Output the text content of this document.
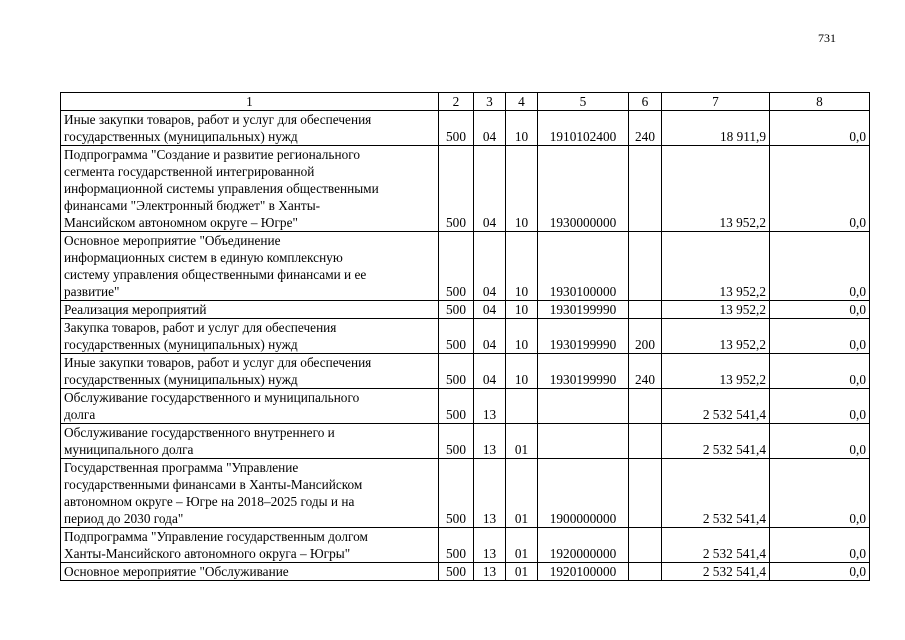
731
1	2	3	4	5	6	7	8

Иные закупки товаров, работ и услуг для обеспечения
государственных (муниципальных) нужд	500	04	10	1910102400	240	18 911,9	0,0

Подпрограмма "Создание и развитие регионального
сегмента государственной интегрированной
информационной системы управления общественными
финансами "Электронный бюджет" в Ханты-
Мансийском автономном округе – Югре"	500	04	10	1930000000		13 952,2	0,0

Основное мероприятие "Объединение
информационных систем в единую комплексную
систему управления общественными финансами и ее
развитие"	500	04	10	1930100000		13 952,2	0,0

Реализация мероприятий	500	04	10	1930199990		13 952,2	0,0

Закупка товаров, работ и услуг для обеспечения
государственных (муниципальных) нужд	500	04	10	1930199990	200	13 952,2	0,0

Иные закупки товаров, работ и услуг для обеспечения
государственных (муниципальных) нужд	500	04	10	1930199990	240	13 952,2	0,0

Обслуживание государственного и муниципального
долга	500	13				2 532 541,4	0,0

Обслуживание государственного внутреннего и
муниципального долга	500	13	01			2 532 541,4	0,0

Государственная программа "Управление
государственными финансами в Ханты-Мансийском
автономном округе – Югре на 2018–2025 годы и на
период до 2030 года"	500	13	01	1900000000		2 532 541,4	0,0

Подпрограмма "Управление государственным долгом
Ханты-Мансийского автономного округа – Югры"	500	13	01	1920000000		2 532 541,4	0,0

Основное мероприятие "Обслуживание	500	13	01	1920100000		2 532 541,4	0,0
